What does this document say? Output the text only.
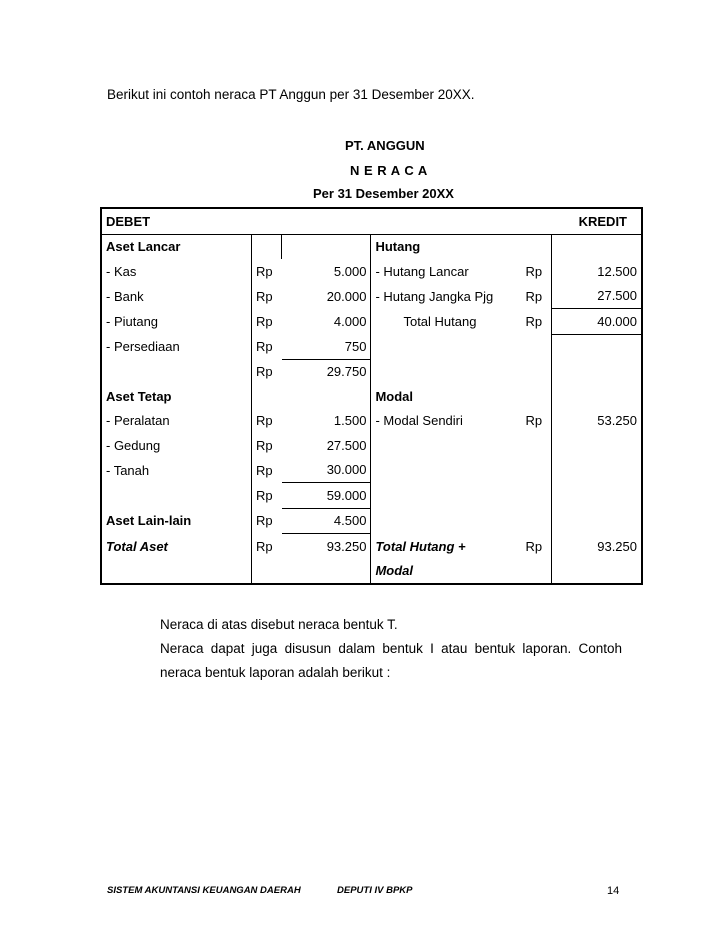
Berikut ini contoh neraca PT Anggun per 31 Desember 20XX.
PT. ANGGUN
N E R A C A
Per 31 Desember 20XX
DEBET			KREDIT		
Aset Lancar			Hutang		
- Kas	Rp	5.000	- Hutang Lancar	Rp	12.500
- Bank	Rp	20.000	- Hutang Jangka Pjg	Rp	27.500
- Piutang	Rp	4.000	Total Hutang	Rp	40.000
- Persediaan	Rp	750			
	Rp	29.750			
Aset Tetap			Modal		
- Peralatan	Rp	1.500	- Modal Sendiri	Rp	53.250
- Gedung	Rp	27.500			
- Tanah	Rp	30.000			
	Rp	59.000			
Aset Lain-lain	Rp	4.500			
Total Aset	Rp	93.250	Total Hutang +	Rp	93.250
			Modal		
Neraca di atas disebut neraca bentuk T.
Neraca dapat juga disusun dalam bentuk I atau bentuk laporan. Contoh
neraca bentuk laporan adalah berikut :
SISTEM AKUNTANSI KEUANGAN DAERAH	DEPUTI IV BPKP	14
